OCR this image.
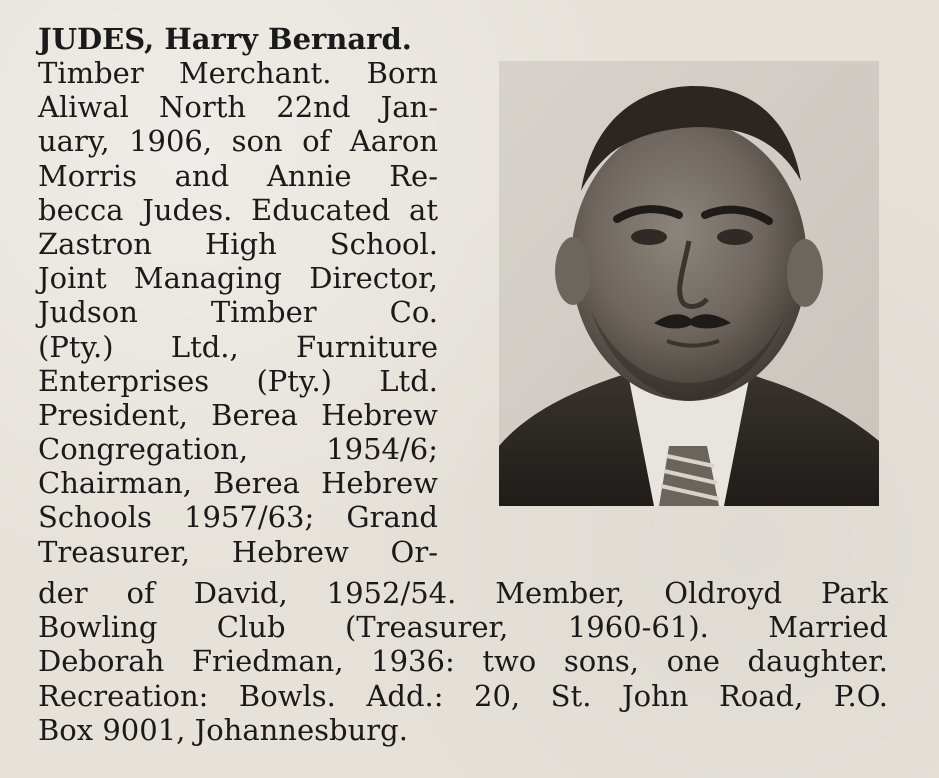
JUDES, Harry Bernard.
Timber Merchant. Born
Aliwal North 22nd Jan-
uary, 1906, son of Aaron
Morris and Annie Re-
becca Judes. Educated at
Zastron High School.
Joint Managing Director,
Judson Timber Co.
(Pty.) Ltd., Furniture
Enterprises (Pty.) Ltd.
President, Berea Hebrew
Congregation, 1954/6;
Chairman, Berea Hebrew
Schools 1957/63; Grand
Treasurer, Hebrew Or-
der of David, 1952/54. Member, Oldroyd Park
Bowling Club (Treasurer, 1960-61). Married
Deborah Friedman, 1936: two sons, one daughter.
Recreation: Bowls. Add.: 20, St. John Road, P.O.
Box 9001, Johannesburg.
